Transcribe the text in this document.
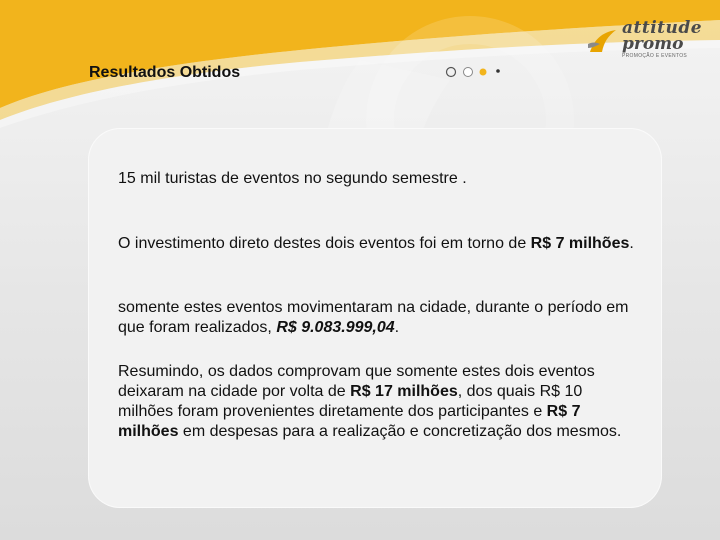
attitude
promo
PROMOÇÃO E EVENTOS
Resultados Obtidos
15 mil turistas de eventos no segundo semestre .
O investimento direto destes dois eventos foi em torno de R$ 7 milhões.
somente estes eventos movimentaram na cidade, durante o período em que foram realizados, R$ 9.083.999,04.
Resumindo, os dados comprovam que somente estes dois eventos deixaram na cidade por volta de R$ 17 milhões, dos quais R$ 10 milhões foram provenientes diretamente dos participantes e R$ 7 milhões em despesas para a realização e concretização dos mesmos.
